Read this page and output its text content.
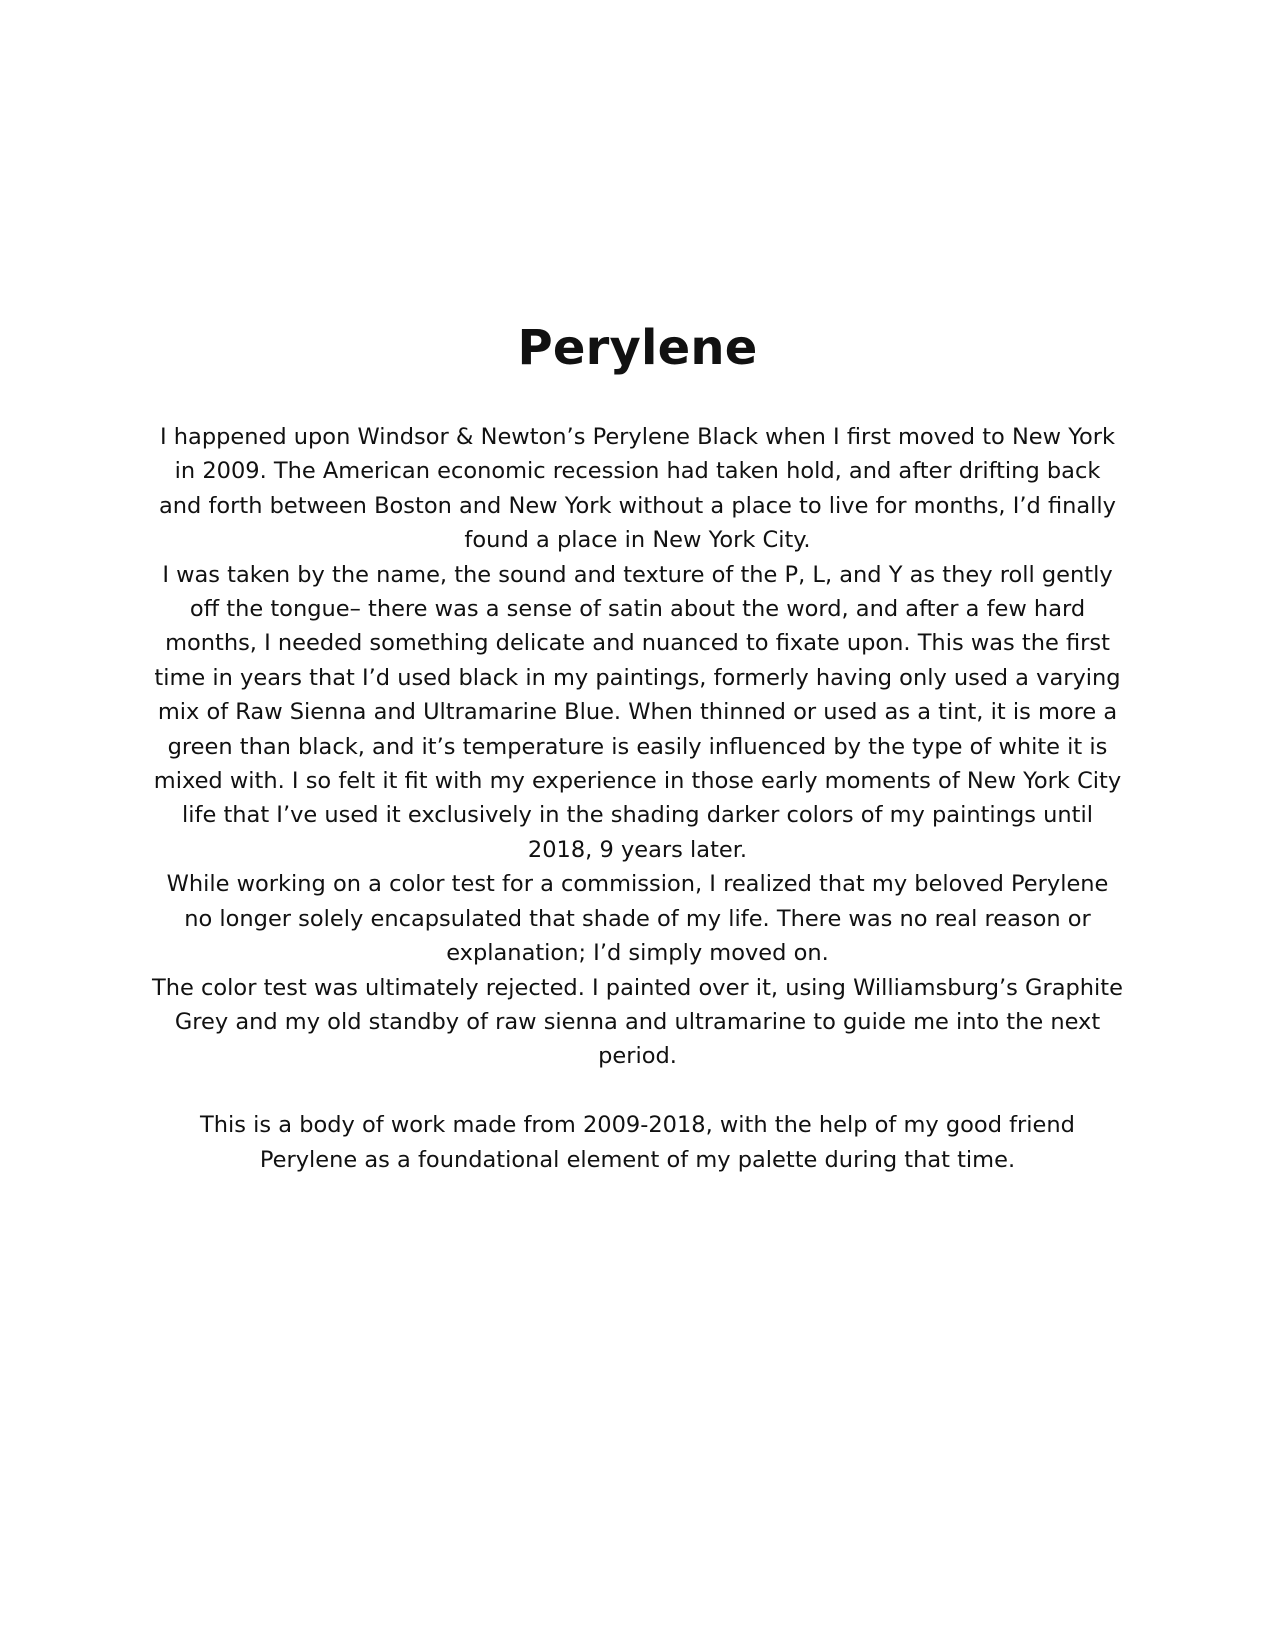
Perylene

I happened upon Windsor & Newton’s Perylene Black when I first moved to New York in 2009. The American economic recession had taken hold, and after drifting back and forth between Boston and New York without a place to live for months, I’d finally found a place in New York City.

I was taken by the name, the sound and texture of the P, L, and Y as they roll gently off the tongue– there was a sense of satin about the word, and after a few hard months, I needed something delicate and nuanced to fixate upon. This was the first time in years that I’d used black in my paintings, formerly having only used a varying mix of Raw Sienna and Ultramarine Blue. When thinned or used as a tint, it is more a green than black, and it’s temperature is easily influenced by the type of white it is mixed with. I so felt it fit with my experience in those early moments of New York City life that I’ve used it exclusively in the shading darker colors of my paintings until 2018, 9 years later.

While working on a color test for a commission, I realized that my beloved Perylene no longer solely encapsulated that shade of my life. There was no real reason or explanation; I’d simply moved on.

The color test was ultimately rejected. I painted over it, using Williamsburg’s Graphite Grey and my old standby of raw sienna and ultramarine to guide me into the next period.

This is a body of work made from 2009-2018, with the help of my good friend Perylene as a foundational element of my palette during that time.
